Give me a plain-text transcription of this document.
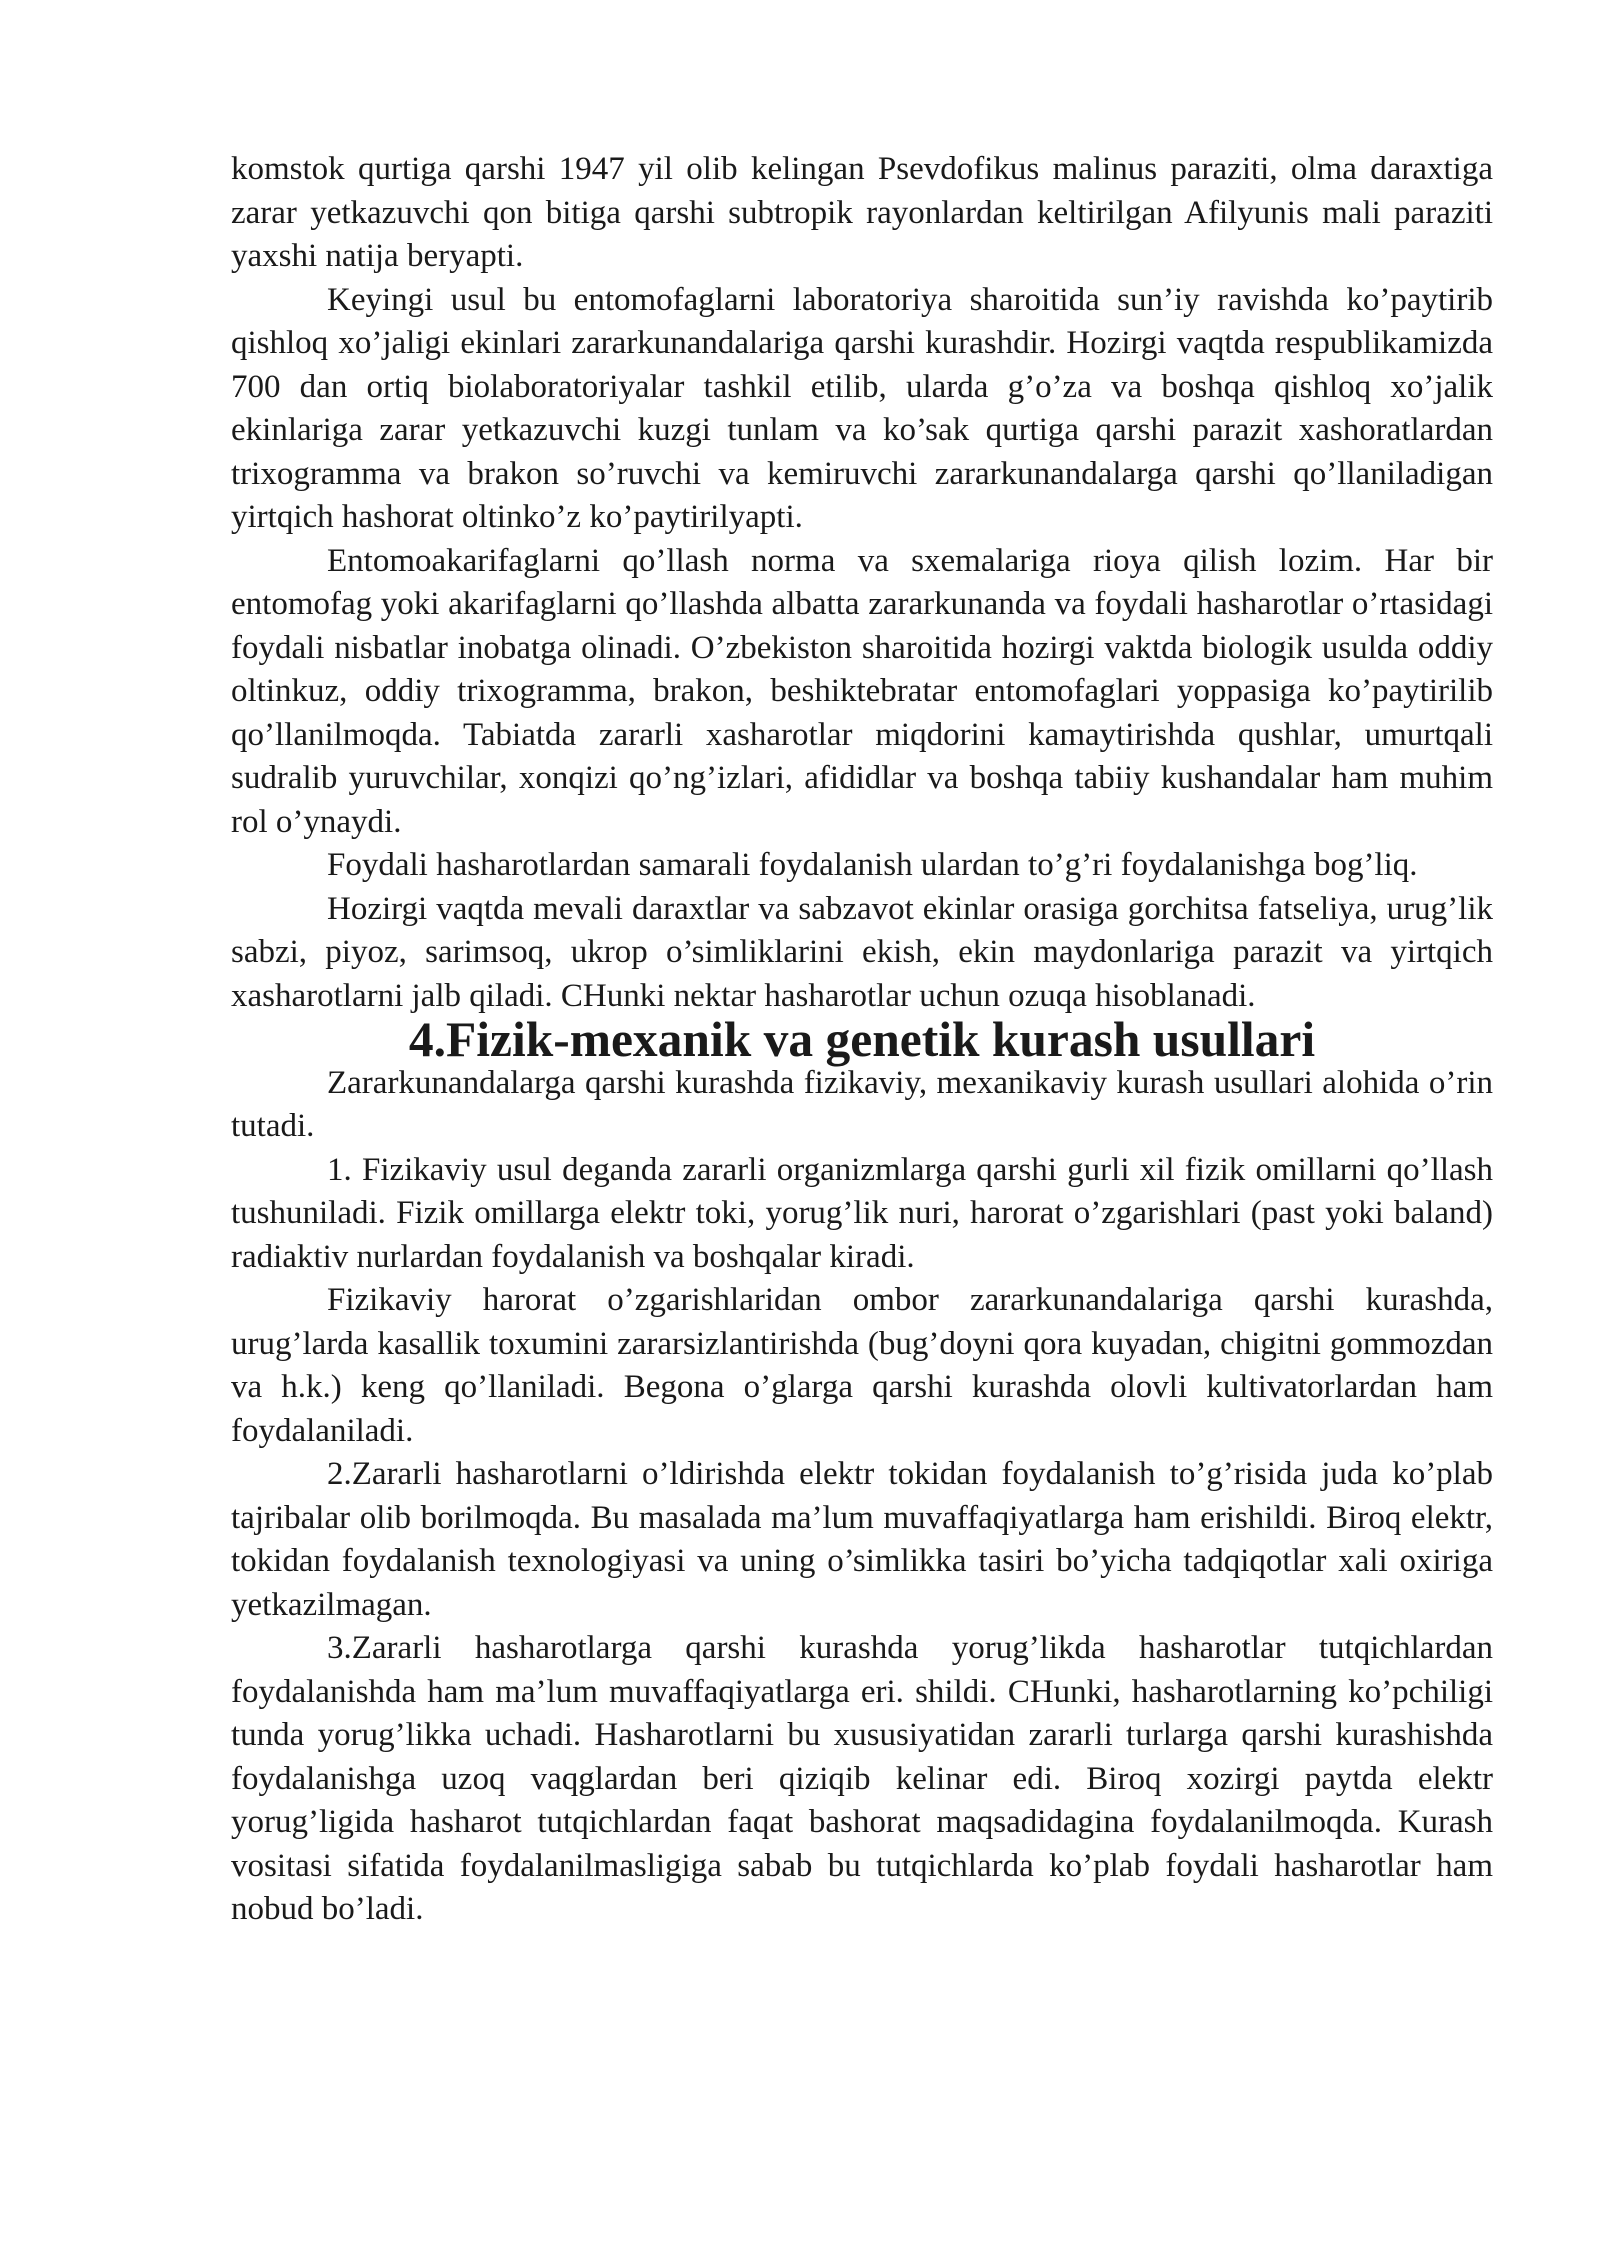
komstok qurtiga qarshi 1947 yil olib kelingan Psevdofikus malinus paraziti, olma daraxtiga zarar yetkazuvchi qon bitiga qarshi subtropik rayonlardan keltirilgan Afilyunis mali paraziti yaxshi natija beryapti.

Keyingi usul bu entomofaglarni laboratoriya sharoitida sun’iy ravishda ko’paytirib qishloq xo’jaligi ekinlari zararkunandalariga qarshi kurashdir. Hozirgi vaqtda respublikamizda 700 dan ortiq biolaboratoriyalar tashkil etilib, ularda g’o’za va boshqa qishloq xo’jalik ekinlariga zarar yetkazuvchi kuzgi tunlam va ko’sak qurtiga qarshi parazit xashoratlardan trixogramma va brakon so’ruvchi va kemiruvchi zararkunandalarga qarshi qo’llaniladigan yirtqich hashorat oltinko’z ko’paytirilyapti.

Entomoakarifaglarni qo’llash norma va sxemalariga rioya qilish lozim. Har bir entomofag yoki akarifaglarni qo’llashda albatta zararkunanda va foydali hasharotlar o’rtasidagi foydali nisbatlar inobatga olinadi. O’zbekiston sharoitida hozirgi vaktda biologik usulda oddiy oltinkuz, oddiy trixogramma, brakon, beshiktebratar entomofaglari yoppasiga ko’paytirilib qo’llanilmoqda. Tabiatda zararli xasharotlar miqdorini kamaytirishda qushlar, umurtqali sudralib yuruvchilar, xonqizi qo’ng’izlari, afididlar va boshqa tabiiy kushandalar ham muhim rol o’ynaydi.

Foydali hasharotlardan samarali foydalanish ulardan to’g’ri foydalanishga bog’liq.

Hozirgi vaqtda mevali daraxtlar va sabzavot ekinlar orasiga gorchitsa fatseliya, urug’lik sabzi, piyoz, sarimsoq, ukrop o’simliklarini ekish, ekin maydonlariga parazit va yirtqich xasharotlarni jalb qiladi. CHunki nektar hasharotlar uchun ozuqa hisoblanadi.

4.Fizik-mexanik va genetik kurash usullari

Zararkunandalarga qarshi kurashda fizikaviy, mexanikaviy kurash usullari alohida o’rin tutadi.

1. Fizikaviy usul deganda zararli organizmlarga qarshi gurli xil fizik omillarni qo’llash tushuniladi. Fizik omillarga elektr toki, yorug’lik nuri, harorat o’zgarishlari (past yoki baland) radiaktiv nurlardan foydalanish va boshqalar kiradi.

Fizikaviy harorat o’zgarishlaridan ombor zararkunandalariga qarshi kurashda, urug’larda kasallik toxumini zararsizlantirishda (bug’doyni qora kuyadan, chigitni gommozdan va h.k.) keng qo’llaniladi. Begona o’glarga qarshi kurashda olovli kultivatorlardan ham foydalaniladi.

2.Zararli hasharotlarni o’ldirishda elektr tokidan foydalanish to’g’risida juda ko’plab tajribalar olib borilmoqda. Bu masalada ma’lum muvaffaqiyatlarga ham erishildi. Biroq elektr, tokidan foydalanish texnologiyasi va uning o’simlikka tasiri bo’yicha tadqiqotlar xali oxiriga yetkazilmagan.

3.Zararli hasharotlarga qarshi kurashda yorug’likda hasharotlar tutqichlardan foydalanishda ham ma’lum muvaffaqiyatlarga eri. shildi. CHunki, hasharotlarning ko’pchiligi tunda yorug’likka uchadi. Hasharotlarni bu xususiyatidan zararli turlarga qarshi kurashishda foydalanishga uzoq vaqglardan beri qiziqib kelinar edi. Biroq xozirgi paytda elektr yorug’ligida hasharot tutqichlardan faqat bashorat maqsadidagina foydalanilmoqda. Kurash vositasi sifatida foydalanilmasligiga sabab bu tutqichlarda ko’plab foydali hasharotlar ham nobud bo’ladi.
